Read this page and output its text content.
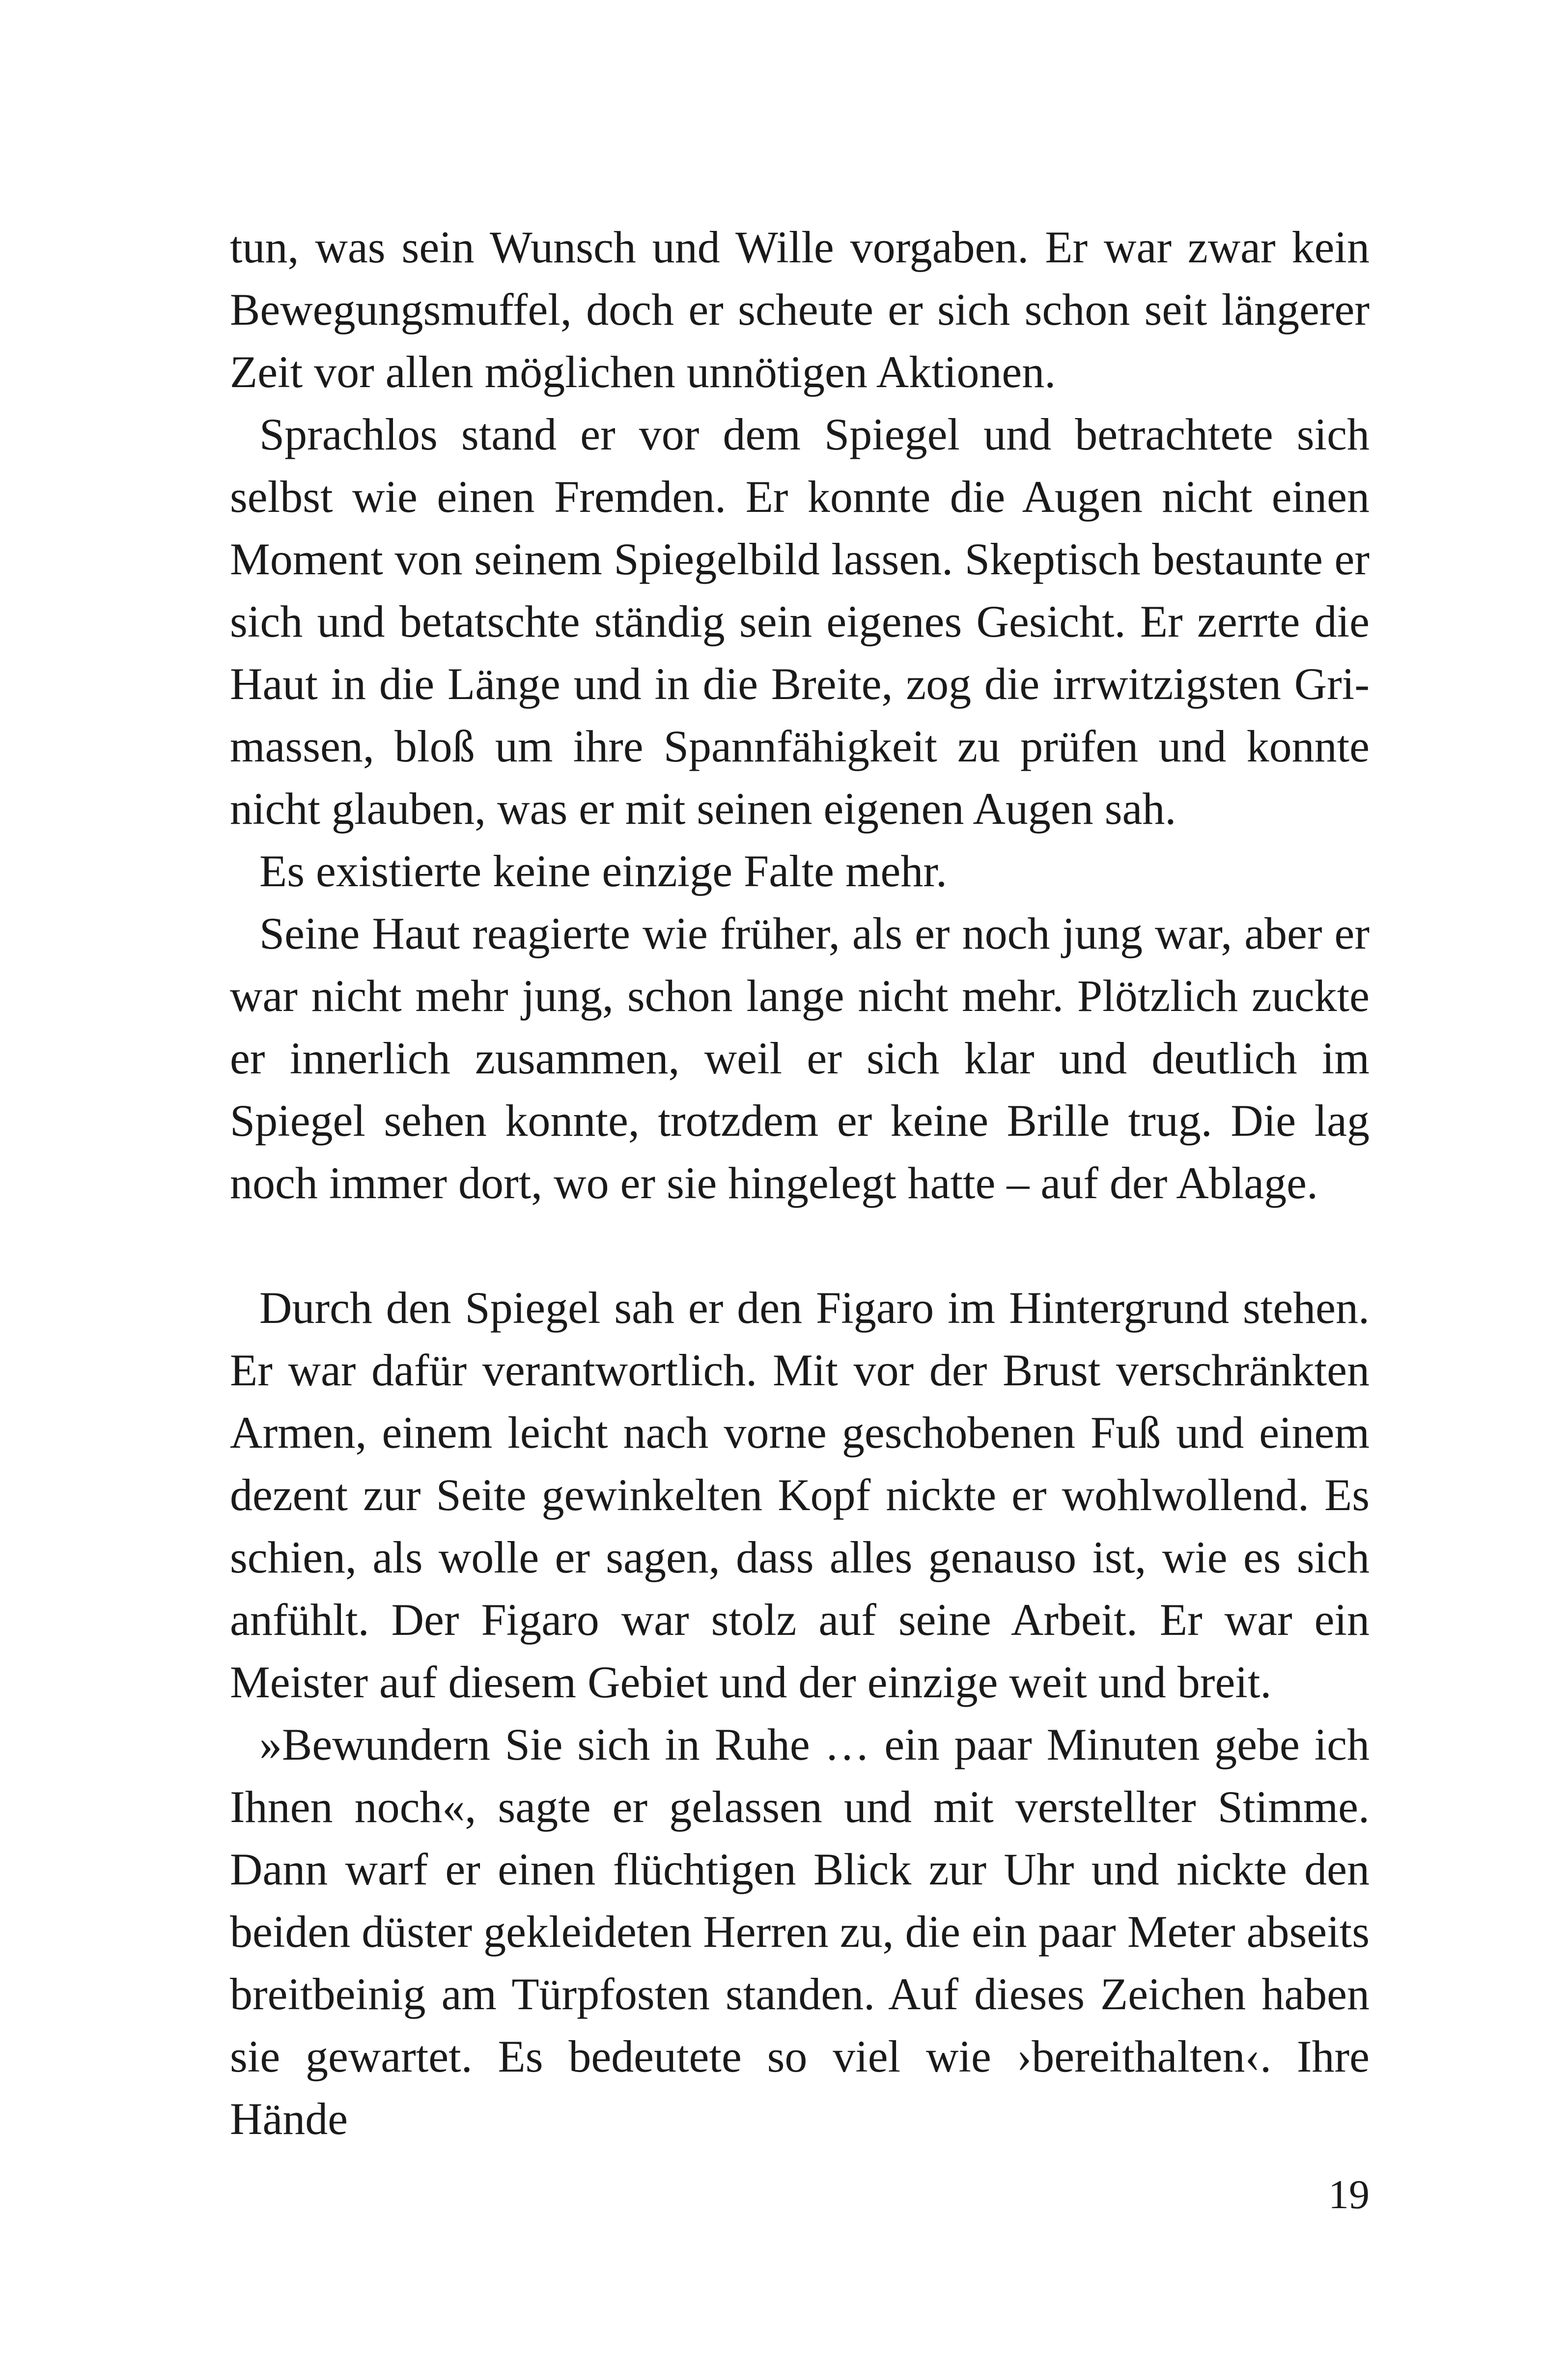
tun, was sein Wunsch und Wille vorgaben. Er war zwar kein Bewegungsmuffel, doch er scheute er sich schon seit längerer Zeit vor allen möglichen unnötigen Aktionen.

Sprachlos stand er vor dem Spiegel und betrachtete sich selbst wie einen Fremden. Er konnte die Augen nicht einen Moment von seinem Spiegelbild lassen. Skeptisch bestaunte er sich und betatschte ständig sein eigenes Gesicht. Er zerrte die Haut in die Länge und in die Breite, zog die irrwitzigsten Grimassen, bloß um ihre Spannfähigkeit zu prüfen und konnte nicht glauben, was er mit seinen eigenen Augen sah.

Es existierte keine einzige Falte mehr.

Seine Haut reagierte wie früher, als er noch jung war, aber er war nicht mehr jung, schon lange nicht mehr. Plötzlich zuckte er innerlich zusammen, weil er sich klar und deutlich im Spiegel sehen konnte, trotzdem er keine Brille trug. Die lag noch immer dort, wo er sie hingelegt hatte – auf der Ablage.

Durch den Spiegel sah er den Figaro im Hintergrund stehen. Er war dafür verantwortlich. Mit vor der Brust verschränkten Armen, einem leicht nach vorne geschobenen Fuß und einem dezent zur Seite gewinkelten Kopf nickte er wohlwollend. Es schien, als wolle er sagen, dass alles genauso ist, wie es sich anfühlt. Der Figaro war stolz auf seine Arbeit. Er war ein Meister auf diesem Gebiet und der einzige weit und breit.

»Bewundern Sie sich in Ruhe … ein paar Minuten gebe ich Ihnen noch«, sagte er gelassen und mit verstellter Stimme. Dann warf er einen flüchtigen Blick zur Uhr und nickte den beiden düster gekleideten Herren zu, die ein paar Meter abseits breitbeinig am Türpfosten standen. Auf dieses Zeichen haben sie gewartet. Es bedeutete so viel wie ›bereithalten‹. Ihre Hände

19
